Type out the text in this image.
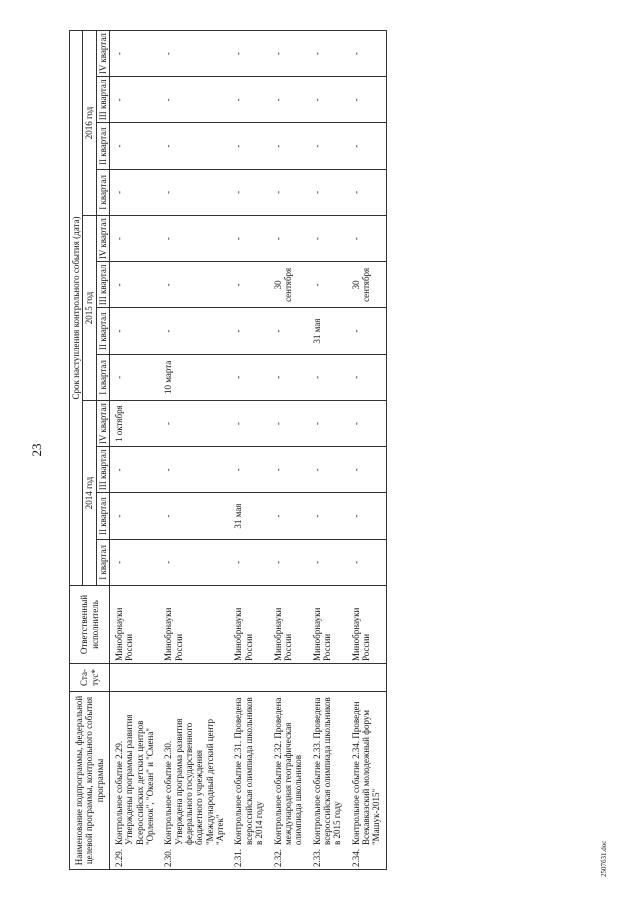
23
2507б31.doc
Наименование подпрограммы, федеральной целевой программы, контрольного события программы	Ста-тус*	Ответственный исполнитель	Срок наступления контрольного события (дата)											
			2014 год				2015 год				2016 год			
			I квартал	II квартал	III квартал	IV квартал	I квартал	II квартал	III квартал	IV квартал	I квартал	II квартал	III квартал	IV квартал

2.29.
Контрольное событие 2.29. Утверждены программы развития Всероссийских детских центров "Орленок", "Океан" и "Смена"		Минобрнауки России	-	-	-	1 октября	-	-	-	-	-	-	-	-

2.30.
Контрольное событие 2.30. Утверждена программа развития федерального государственного бюджетного учреждения "Международный детский центр "Артек"		Минобрнауки России	-	-	-	-	10 марта	-	-	-	-	-	-	-

2.31.
Контрольное событие 2.31. Проведена всероссийская олимпиада школьников в 2014 году		Минобрнауки России	-	31 мая	-	-	-	-	-	-	-	-	-	-

2.32.
Контрольное событие 2.32. Проведена международная географическая олимпиада школьников		Минобрнауки России	-	-	-	-	-	-	30 сентября	-	-	-	-	-

2.33.
Контрольное событие 2.33. Проведена всероссийская олимпиада школьников в 2015 году		Минобрнауки России	-	-	-	-	-	31 мая	-	-	-	-	-	-

2.34.
Контрольное событие 2.34. Проведен Всекавказский молодежный форум "Машук-2015"		Минобрнауки России	-	-	-	-	-	-	30 сентября	-	-	-	-	-
